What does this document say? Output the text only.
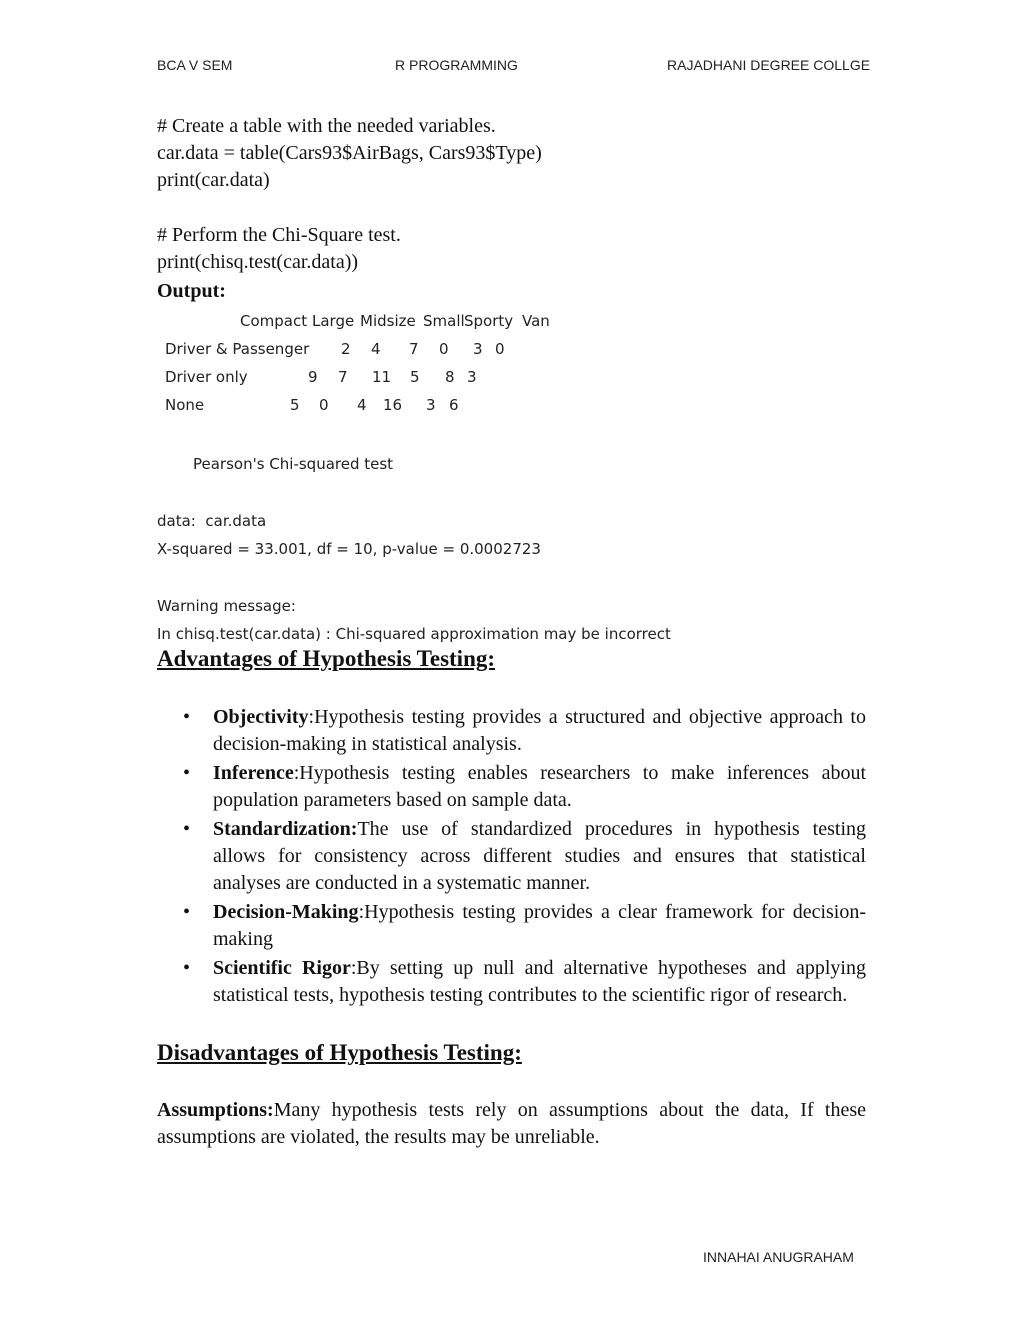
BCA V SEM	R PROGRAMMING	RAJADHANI DEGREE COLLGE
# Create a table with the needed variables.
car.data = table(Cars93$AirBags, Cars93$Type)
print(car.data)
# Perform the Chi-Square test.
print(chisq.test(car.data))
Output:
Compact Large Midsize Small Sporty Van
Driver & Passenger 2 4 7 0 3 0
Driver only	9 7 11 5 8 3
None	5 0 4 16 3 6
Pearson's Chi-squared test
data:  car.data
X-squared = 33.001, df = 10, p-value = 0.0002723
Warning message:
In chisq.test(car.data) : Chi-squared approximation may be incorrect
Advantages of Hypothesis Testing:
• Objectivity:Hypothesis testing provides a structured and objective approach to decision-making in statistical analysis.
• Inference:Hypothesis testing enables researchers to make inferences about population parameters based on sample data.
• Standardization:The use of standardized procedures in hypothesis testing allows for consistency across different studies and ensures that statistical analyses are conducted in a systematic manner.
• Decision-Making:Hypothesis testing provides a clear framework for decision-making
• Scientific Rigor:By setting up null and alternative hypotheses and applying statistical tests, hypothesis testing contributes to the scientific rigor of research.
Disadvantages of Hypothesis Testing:
Assumptions:Many hypothesis tests rely on assumptions about the data, If these assumptions are violated, the results may be unreliable.
INNAHAI ANUGRAHAM
